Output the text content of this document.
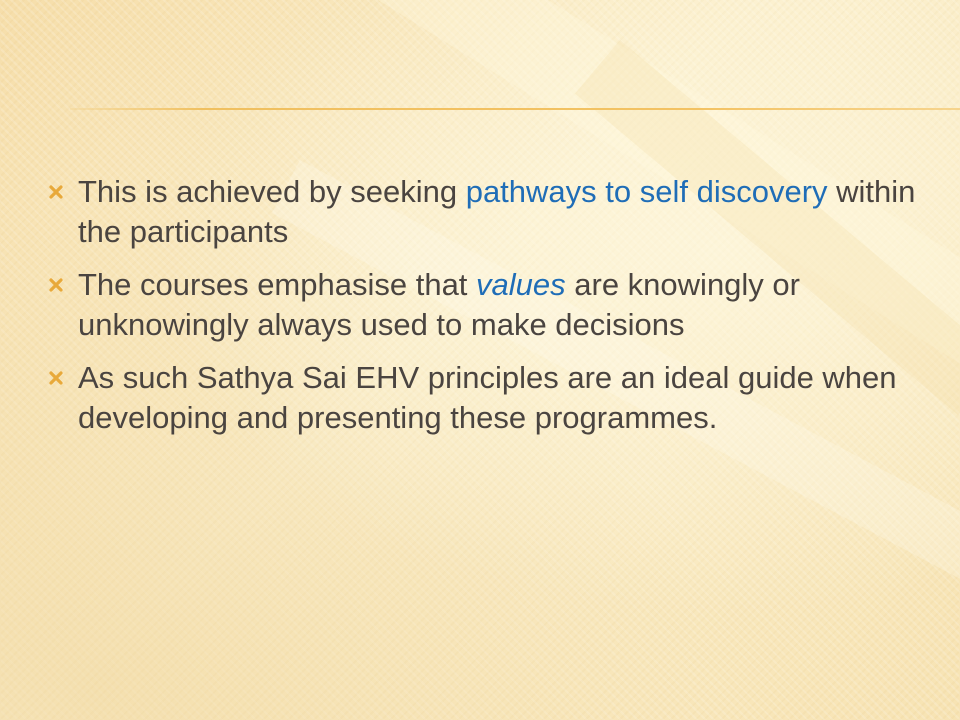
This is achieved by seeking pathways to self discovery within the participants
The courses emphasise that values are knowingly or unknowingly always used to make decisions
As such Sathya Sai EHV principles are an ideal guide when developing and presenting these programmes.
